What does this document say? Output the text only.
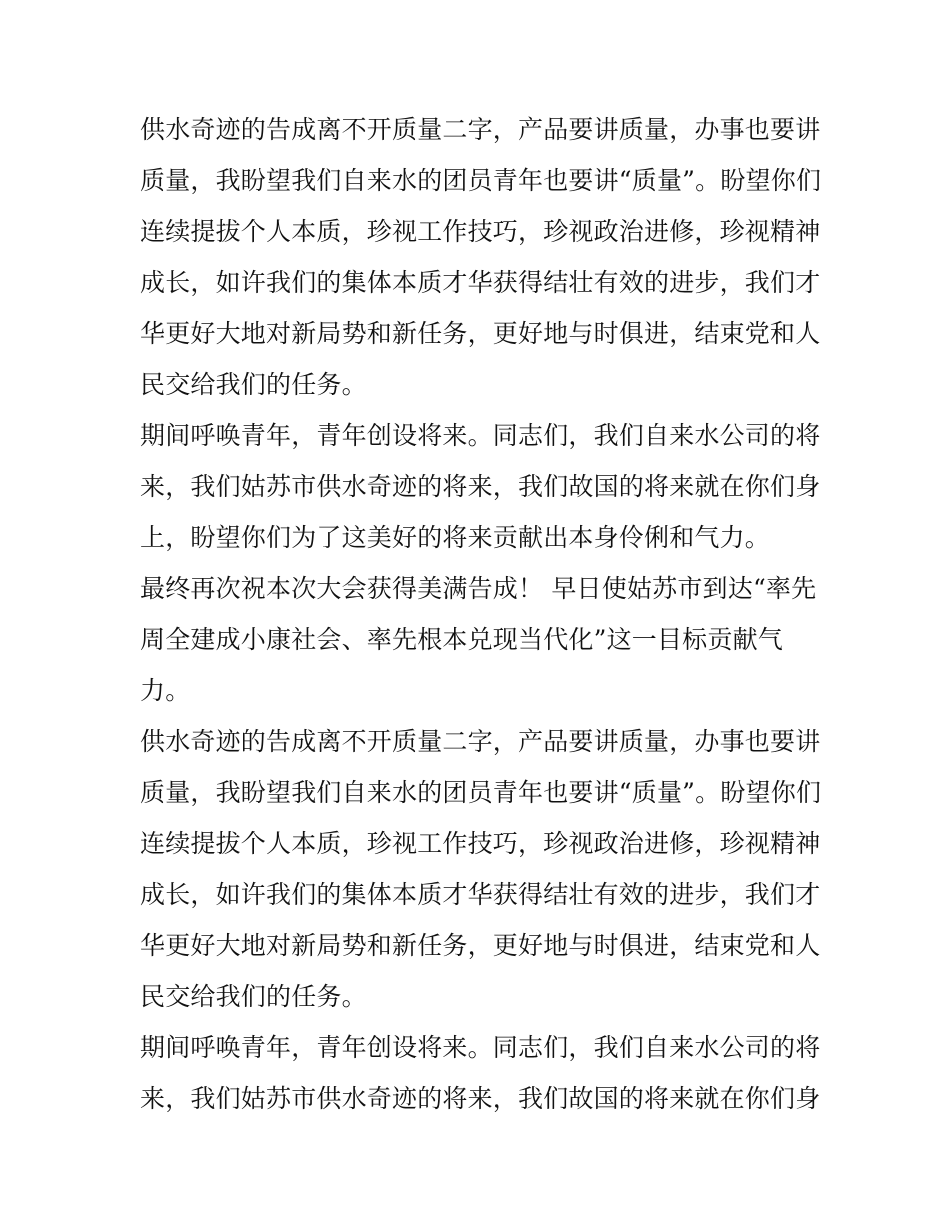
供水奇迹的告成离不开质量二字，产品要讲质量，办事也要讲
质量，我盼望我们自来水的团员青年也要讲“质量”。盼望你们
连续提拔个人本质，珍视工作技巧，珍视政治进修，珍视精神
成长，如许我们的集体本质才华获得结壮有效的进步，我们才
华更好大地对新局势和新任务，更好地与时俱进，结束党和人
民交给我们的任务。
期间呼唤青年，青年创设将来。同志们，我们自来水公司的将
来，我们姑苏市供水奇迹的将来，我们故国的将来就在你们身
上，盼望你们为了这美好的将来贡献出本身伶俐和气力。
最终再次祝本次大会获得美满告成！ 早日使姑苏市到达“率先
周全建成小康社会、率先根本兑现当代化”这一目标贡献气
力。
供水奇迹的告成离不开质量二字，产品要讲质量，办事也要讲
质量，我盼望我们自来水的团员青年也要讲“质量”。盼望你们
连续提拔个人本质，珍视工作技巧，珍视政治进修，珍视精神
成长，如许我们的集体本质才华获得结壮有效的进步，我们才
华更好大地对新局势和新任务，更好地与时俱进，结束党和人
民交给我们的任务。
期间呼唤青年，青年创设将来。同志们，我们自来水公司的将
来，我们姑苏市供水奇迹的将来，我们故国的将来就在你们身
